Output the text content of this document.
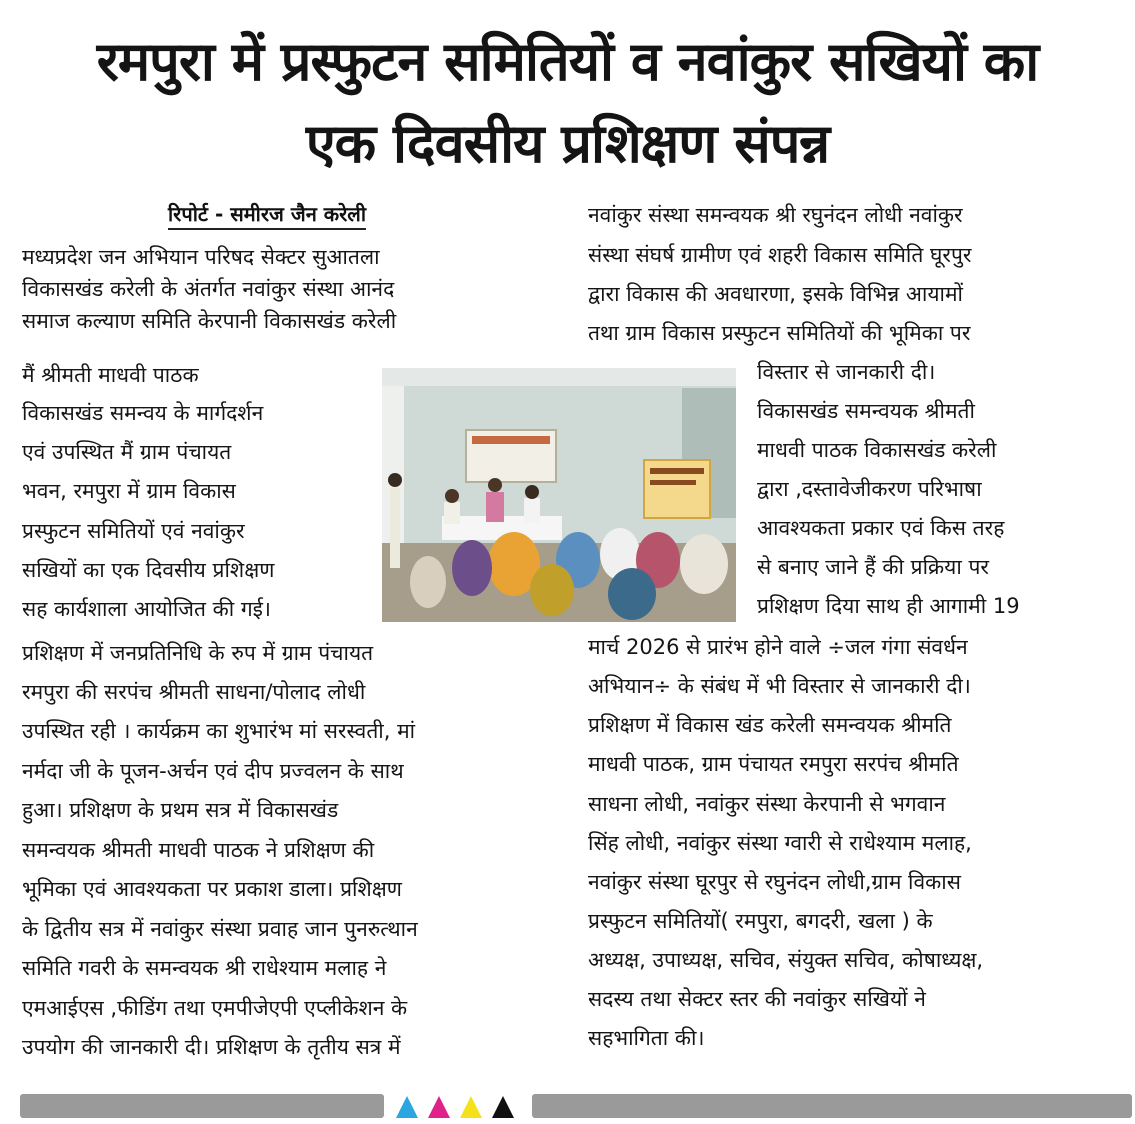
रमपुरा में प्रस्फुटन समितियों व नवांकुर सखियों का
एक दिवसीय प्रशिक्षण संपन्न
रिपोर्ट - समीरज जैन करेली
मध्यप्रदेश जन अभियान परिषद सेक्टर सुआतला
विकासखंड करेली के अंतर्गत नवांकुर संस्था आनंद
समाज कल्याण समिति केरपानी विकासखंड करेली
मैं श्रीमती माधवी पाठक
विकासखंड समन्वय के मार्गदर्शन
एवं उपस्थित मैं ग्राम पंचायत
भवन, रमपुरा में ग्राम विकास
प्रस्फुटन समितियों एवं नवांकुर
सखियों का एक दिवसीय प्रशिक्षण
सह कार्यशाला आयोजित की गई।
प्रशिक्षण में जनप्रतिनिधि के रुप में ग्राम पंचायत
रमपुरा की सरपंच श्रीमती साधना/पोलाद लोधी
उपस्थित रही । कार्यक्रम का शुभारंभ मां सरस्वती, मां
नर्मदा जी के पूजन-अर्चन एवं दीप प्रज्वलन के साथ
हुआ। प्रशिक्षण के प्रथम सत्र में विकासखंड
समन्वयक श्रीमती माधवी पाठक ने प्रशिक्षण की
भूमिका एवं आवश्यकता पर प्रकाश डाला। प्रशिक्षण
के द्वितीय सत्र में नवांकुर संस्था प्रवाह जान पुनरुत्थान
समिति गवरी के समन्वयक श्री राधेश्याम मलाह ने
एमआईएस ,फीडिंग तथा एमपीजेएपी एप्लीकेशन के
उपयोग की जानकारी दी। प्रशिक्षण के तृतीय सत्र में
नवांकुर संस्था समन्वयक श्री रघुनंदन लोधी नवांकुर
संस्था संघर्ष ग्रामीण एवं शहरी विकास समिति घूरपुर
द्वारा विकास की अवधारणा, इसके विभिन्न आयामों
तथा ग्राम विकास प्रस्फुटन समितियों की भूमिका पर
विस्तार से जानकारी दी।
विकासखंड समन्वयक श्रीमती
माधवी पाठक विकासखंड करेली
द्वारा ,दस्तावेजीकरण परिभाषा
आवश्यकता प्रकार एवं किस तरह
से बनाए जाने हैं की प्रक्रिया पर
प्रशिक्षण दिया साथ ही आगामी 19
मार्च 2026 से प्रारंभ होने वाले ÷जल गंगा संवर्धन
अभियान÷ के संबंध में भी विस्तार से जानकारी दी।
प्रशिक्षण में विकास खंड करेली समन्वयक श्रीमति
माधवी पाठक, ग्राम पंचायत रमपुरा सरपंच श्रीमति
साधना लोधी, नवांकुर संस्था केरपानी से भगवान
सिंह लोधी, नवांकुर संस्था ग्वारी से राधेश्याम मलाह,
नवांकुर संस्था घूरपुर से रघुनंदन लोधी,ग्राम विकास
प्रस्फुटन समितियों( रमपुरा, बगदरी, खला ) के
अध्यक्ष, उपाध्यक्ष, सचिव, संयुक्त सचिव, कोषाध्यक्ष,
सदस्य तथा सेक्टर स्तर की नवांकुर सखियों ने
सहभागिता की।
